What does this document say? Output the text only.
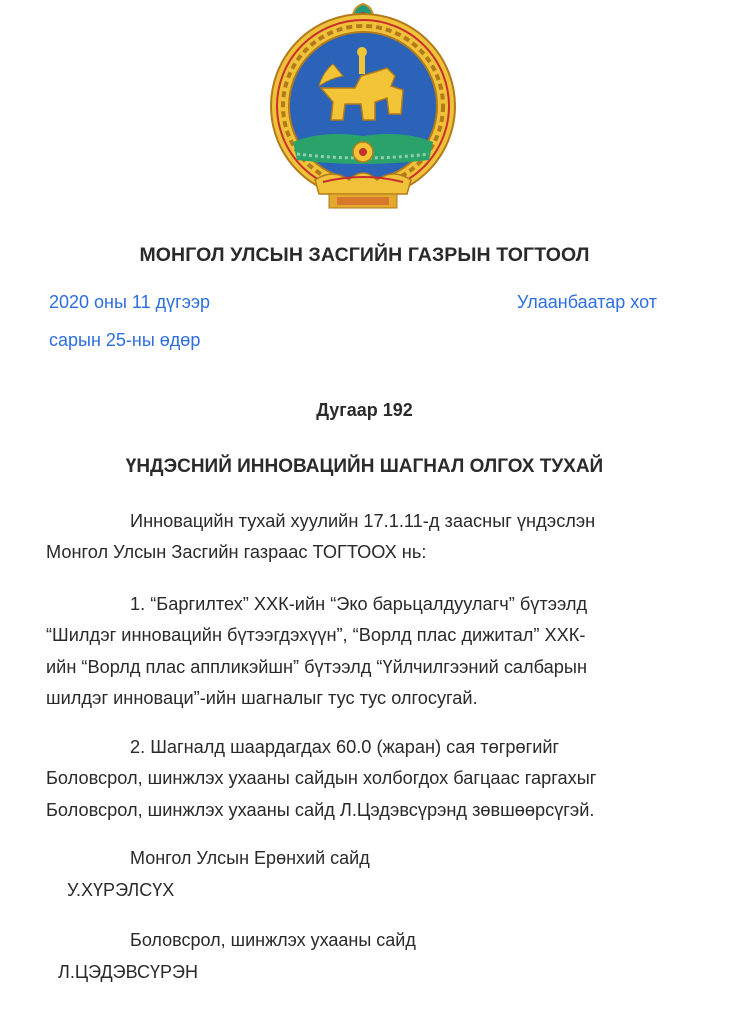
МОНГОЛ УЛСЫН ЗАСГИЙН ГАЗРЫН ТОГТООЛ
2020 оны 11 дүгээр
сарын 25-ны өдөр
Улаанбаатар хот
Дугаар 192
ҮНДЭСНИЙ ИННОВАЦИЙН ШАГНАЛ ОЛГОХ ТУХАЙ

Инновацийн тухай хуулийн 17.1.11-д заасныг үндэслэн

Монгол Улсын Засгийн газраас ТОГТООХ нь:

1. “Баргилтех” ХХК-ийн “Эко барьцалдуулагч” бүтээлд

“Шилдэг инновацийн бүтээгдэхүүн”, “Ворлд плас дижитал” ХХК-

ийн “Ворлд плас аппликэйшн” бүтээлд “Үйлчилгээний салбарын

шилдэг инноваци”-ийн шагналыг тус тус олгосугай.

2. Шагналд шаардагдах 60.0 (жаран) сая төгрөгийг

Боловсрол, шинжлэх ухааны сайдын холбогдох багцаас гаргахыг

Боловсрол, шинжлэх ухааны сайд Л.Цэдэвсүрэнд зөвшөөрсүгэй.

Монгол Улсын Ерөнхий сайд
У.ХҮРЭЛСҮХ
Боловсрол, шинжлэх ухааны сайд
Л.ЦЭДЭВСҮРЭН
